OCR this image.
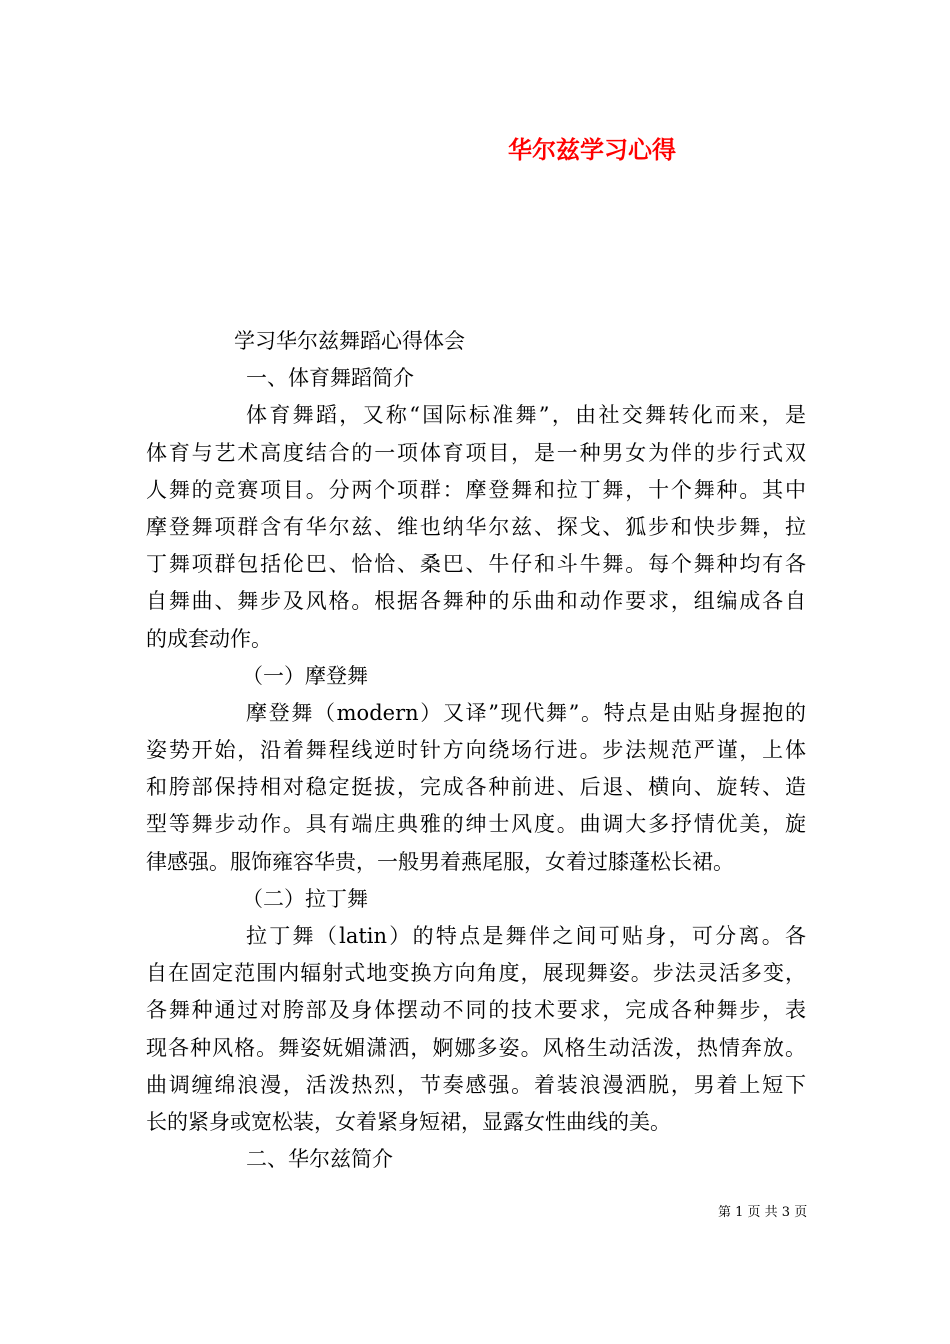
华尔兹学习心得
学习华尔兹舞蹈心得体会
一、体育舞蹈简介
体育舞蹈，又称“国际标准舞”，由社交舞转化而来，是
体育与艺术高度结合的一项体育项目，是一种男女为伴的步行式双
人舞的竞赛项目。分两个项群：摩登舞和拉丁舞，十个舞种。其中
摩登舞项群含有华尔兹、维也纳华尔兹、探戈、狐步和快步舞，拉
丁舞项群包括伦巴、恰恰、桑巴、牛仔和斗牛舞。每个舞种均有各
自舞曲、舞步及风格。根据各舞种的乐曲和动作要求，组编成各自
的成套动作。
（一）摩登舞
摩登舞（modern）又译”现代舞”。特点是由贴身握抱的
姿势开始，沿着舞程线逆时针方向绕场行进。步法规范严谨，上体
和胯部保持相对稳定挺拔，完成各种前进、后退、横向、旋转、造
型等舞步动作。具有端庄典雅的绅士风度。曲调大多抒情优美，旋
律感强。服饰雍容华贵，一般男着燕尾服，女着过膝蓬松长裙。
（二）拉丁舞
拉丁舞（latin）的特点是舞伴之间可贴身，可分离。各
自在固定范围内辐射式地变换方向角度，展现舞姿。步法灵活多变，
各舞种通过对胯部及身体摆动不同的技术要求，完成各种舞步，表
现各种风格。舞姿妩媚潇洒，婀娜多姿。风格生动活泼，热情奔放。
曲调缠绵浪漫，活泼热烈，节奏感强。着装浪漫洒脱，男着上短下
长的紧身或宽松装，女着紧身短裙，显露女性曲线的美。
二、华尔兹简介
第 1 页 共 3 页
